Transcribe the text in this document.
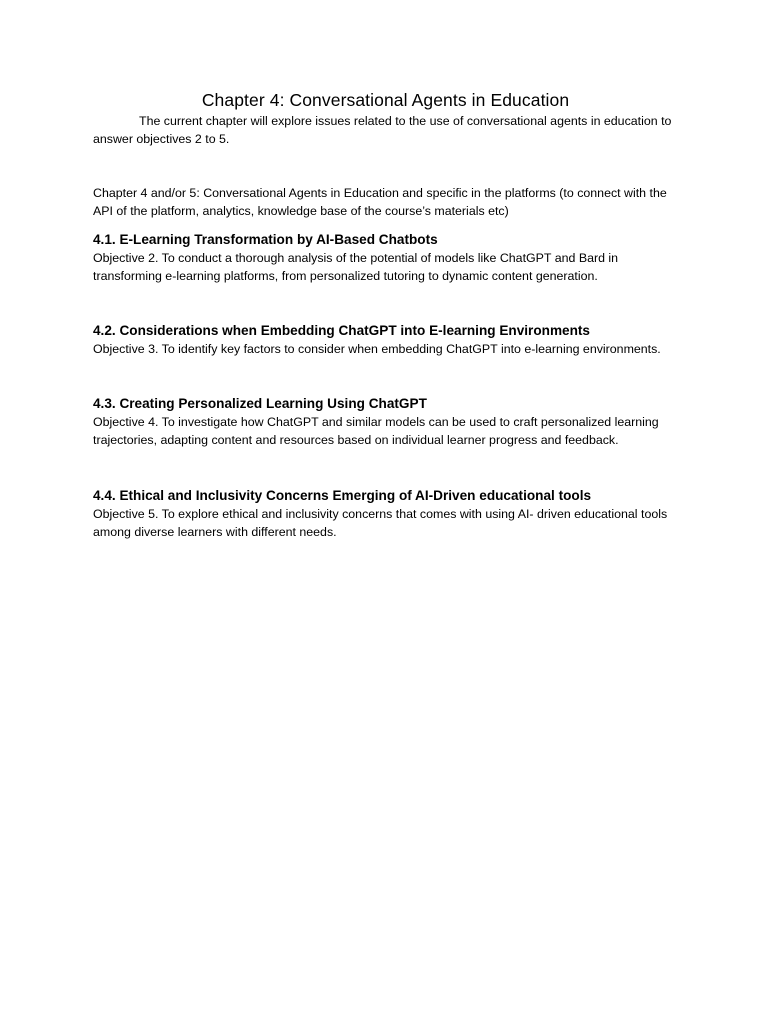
Chapter 4: Conversational Agents in Education

The current chapter will explore issues related to the use of conversational agents in education to answer objectives 2 to 5.

Chapter 4 and/or 5: Conversational Agents in Education and specific in the platforms (to connect with the API of the platform, analytics, knowledge base of the course’s materials etc)

4.1. E-Learning Transformation by AI-Based Chatbots

Objective 2. To conduct a thorough analysis of the potential of models like ChatGPT and Bard in transforming e-learning platforms, from personalized tutoring to dynamic content generation.

4.2. Considerations when Embedding ChatGPT into E-learning Environments

Objective 3. To identify key factors to consider when embedding ChatGPT into e-learning environments.

4.3. Creating Personalized Learning Using ChatGPT

Objective 4. To investigate how ChatGPT and similar models can be used to craft personalized learning trajectories, adapting content and resources based on individual learner progress and feedback.

4.4. Ethical and Inclusivity Concerns Emerging of AI-Driven educational tools

Objective 5. To explore ethical and inclusivity concerns that comes with using AI- driven educational tools among diverse learners with different needs.
